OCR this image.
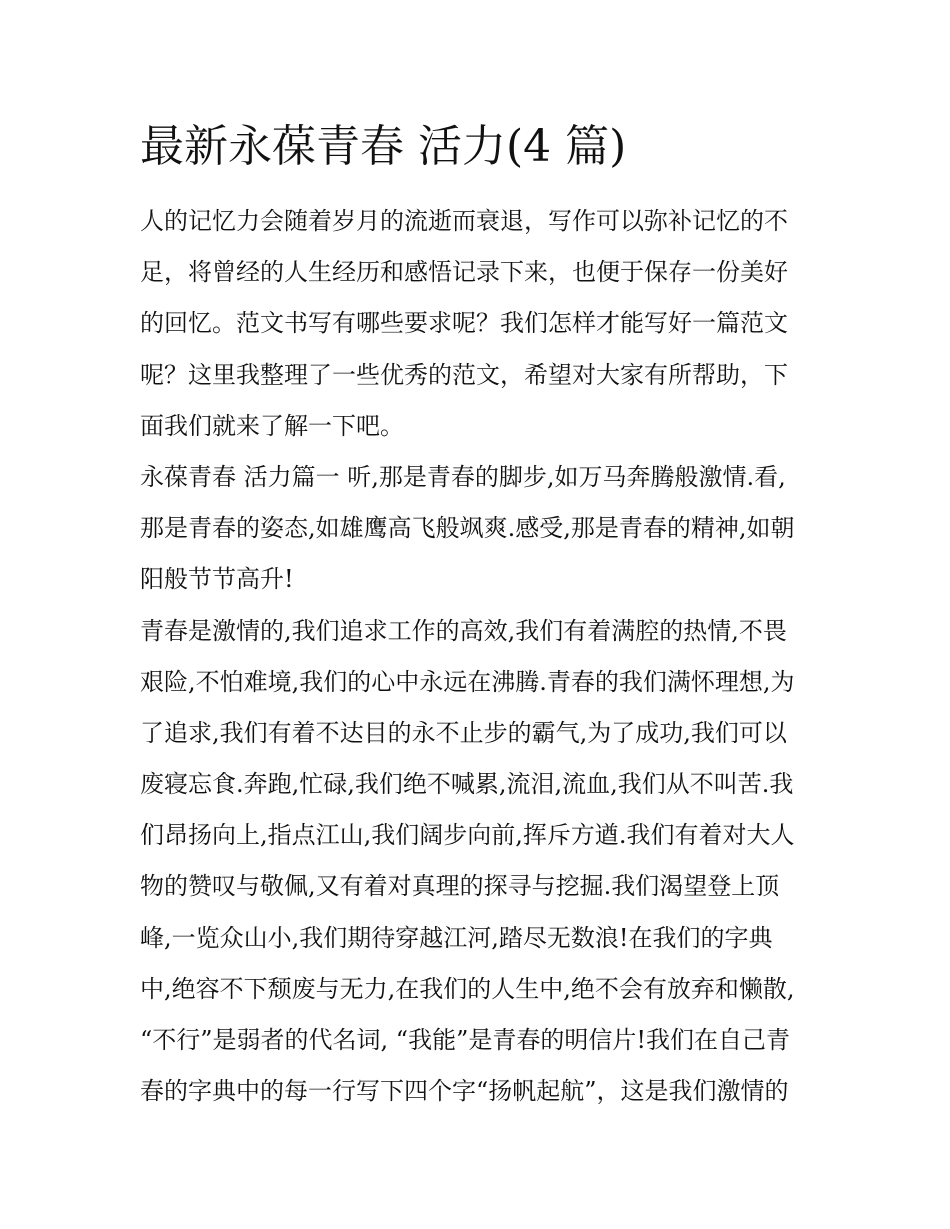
最新永葆青春 活力(4 篇)

人的记忆力会随着岁月的流逝而衰退，写作可以弥补记忆的不
足，将曾经的人生经历和感悟记录下来，也便于保存一份美好
的回忆。范文书写有哪些要求呢？我们怎样才能写好一篇范文
呢？这里我整理了一些优秀的范文，希望对大家有所帮助，下
面我们就来了解一下吧。

永葆青春 活力篇一 听,那是青春的脚步,如万马奔腾般激情.看,
那是青春的姿态,如雄鹰高飞般飒爽.感受,那是青春的精神,如朝
阳般节节高升!

青春是激情的,我们追求工作的高效,我们有着满腔的热情,不畏
艰险,不怕难境,我们的心中永远在沸腾.青春的我们满怀理想,为
了追求,我们有着不达目的永不止步的霸气,为了成功,我们可以
废寝忘食.奔跑,忙碌,我们绝不喊累,流泪,流血,我们从不叫苦.我
们昂扬向上,指点江山,我们阔步向前,挥斥方遒.我们有着对大人
物的赞叹与敬佩,又有着对真理的探寻与挖掘.我们渴望登上顶
峰,一览众山小,我们期待穿越江河,踏尽无数浪!在我们的字典
中,绝容不下颓废与无力,在我们的人生中,绝不会有放弃和懒散,
“不行”是弱者的代名词, “我能”是青春的明信片!我们在自己青
春的字典中的每一行写下四个字“扬帆起航”，这是我们激情的
